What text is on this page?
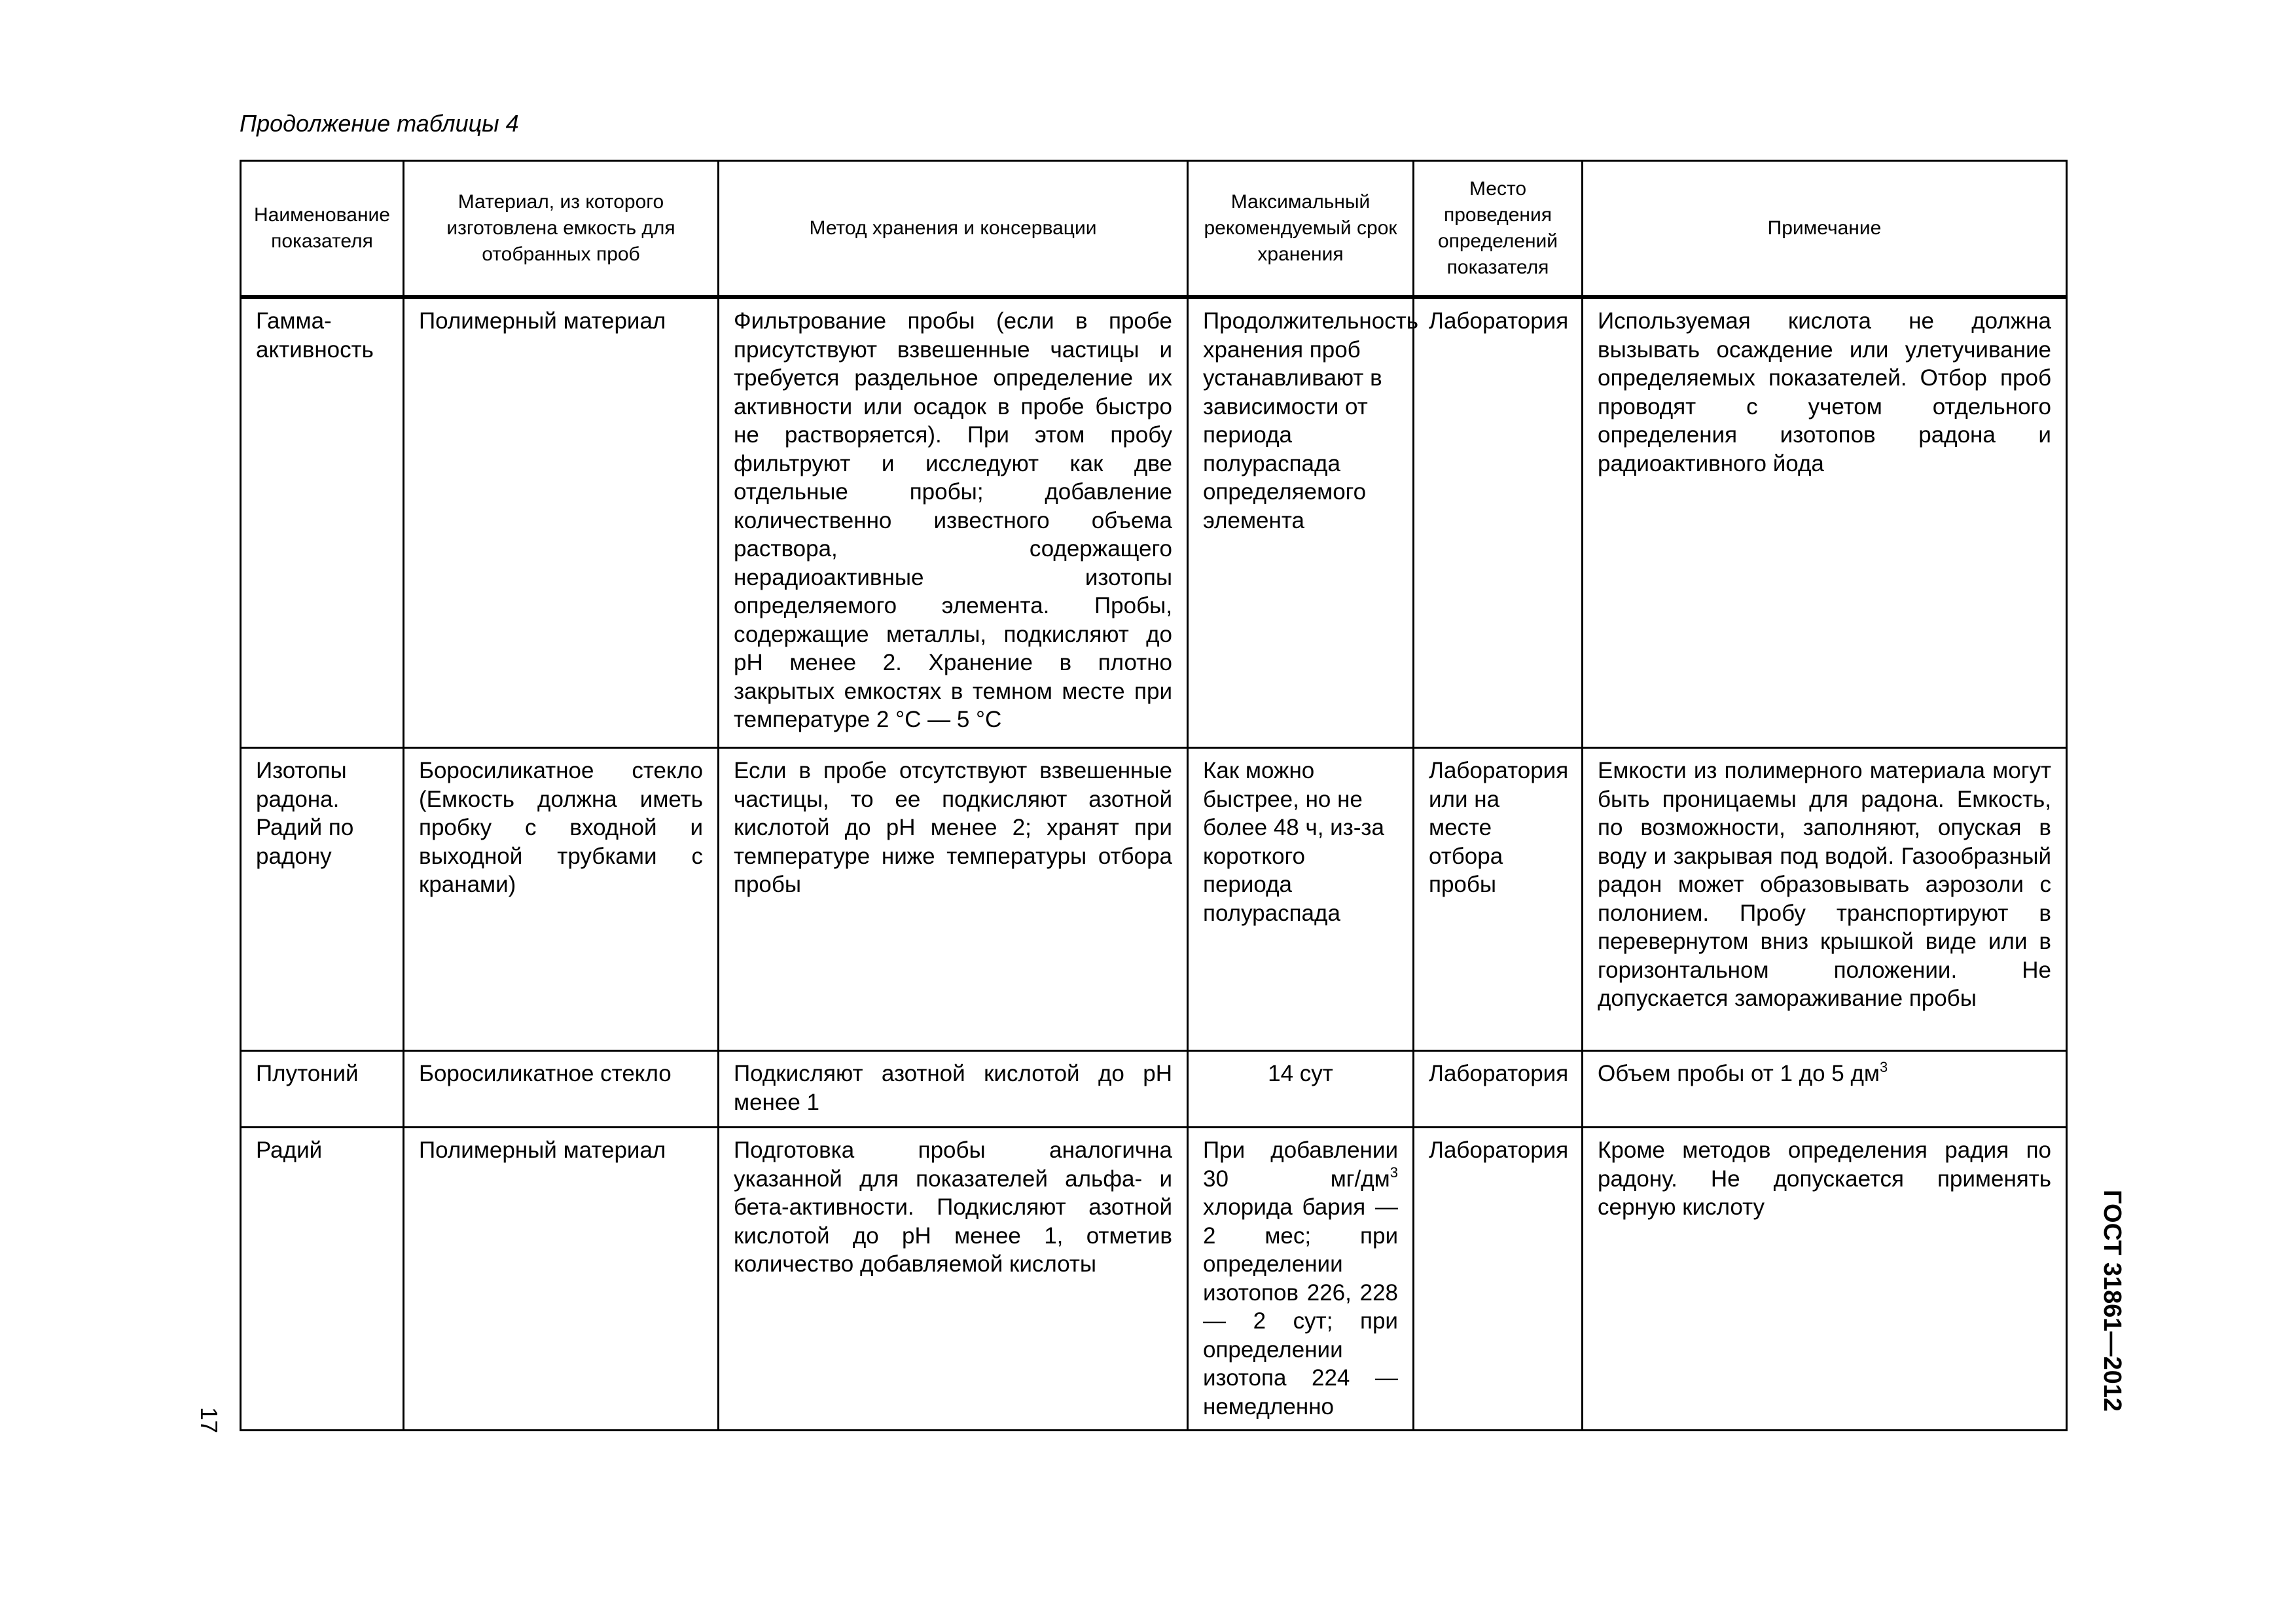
Продолжение таблицы 4
Наименование показателя	Материал, из которого изготовлена емкость для отобранных проб	Метод хранения и консервации	Максимальный рекомендуемый срок хранения	Место проведения определений показателя	Примечание
Гамма-активность	Полимерный материал	Фильтрование пробы (если в пробе присутствуют взвешенные частицы и требуется раздельное определение их активности или осадок в пробе быстро не растворяется). При этом пробу фильтруют и исследуют как две отдельные пробы; добавление количественно известного объема раствора, содержащего нерадиоактивные изотопы определяемого элемента. Пробы, содержащие металлы, подкисляют до pH менее 2. Хранение в плотно закрытых емкостях в темном месте при температуре 2 °C — 5 °C	Продолжительность хранения проб устанавливают в зависимости от периода полураспада определяемого элемента	Лаборатория	Используемая кислота не должна вызывать осаждение или улетучивание определяемых показателей. Отбор проб проводят с учетом отдельного определения изотопов радона и радиоактивного йода
Изотопы радона. Радий по радону	Боросиликатное стекло (Емкость должна иметь пробку с входной и выходной трубками с кранами)	Если в пробе отсутствуют взвешенные частицы, то ее подкисляют азотной кислотой до pH менее 2; хранят при температуре ниже температуры отбора пробы	Как можно быстрее, но не более 48 ч, из-за короткого периода полураспада	Лаборатория или на месте отбора пробы	Емкости из полимерного материала могут быть проницаемы для радона. Емкость, по возможности, заполняют, опуская в воду и закрывая под водой. Газообразный радон может образовывать аэрозоли с полонием. Пробу транспортируют в перевернутом вниз крышкой виде или в горизонтальном положении. Не допускается замораживание пробы
Плутоний	Боросиликатное стекло	Подкисляют азотной кислотой до pH менее 1	14 сут	Лаборатория	Объем пробы от 1 до 5 $дм^3$
Радий	Полимерный материал	Подготовка пробы аналогична указанной для показателей альфа- и бета-активности. Подкисляют азотной кислотой до pH менее 1, отметив количество добавляемой кислоты	При добавлении 30 $мг/дм^3$ хлорида бария — 2 мес; при определении изотопов 226, 228 — 2 сут; при определении изотопа 224 — немедленно	Лаборатория	Кроме методов определения радия по радону. Не допускается применять серную кислоту	ГОСТ 31861—2012
17
